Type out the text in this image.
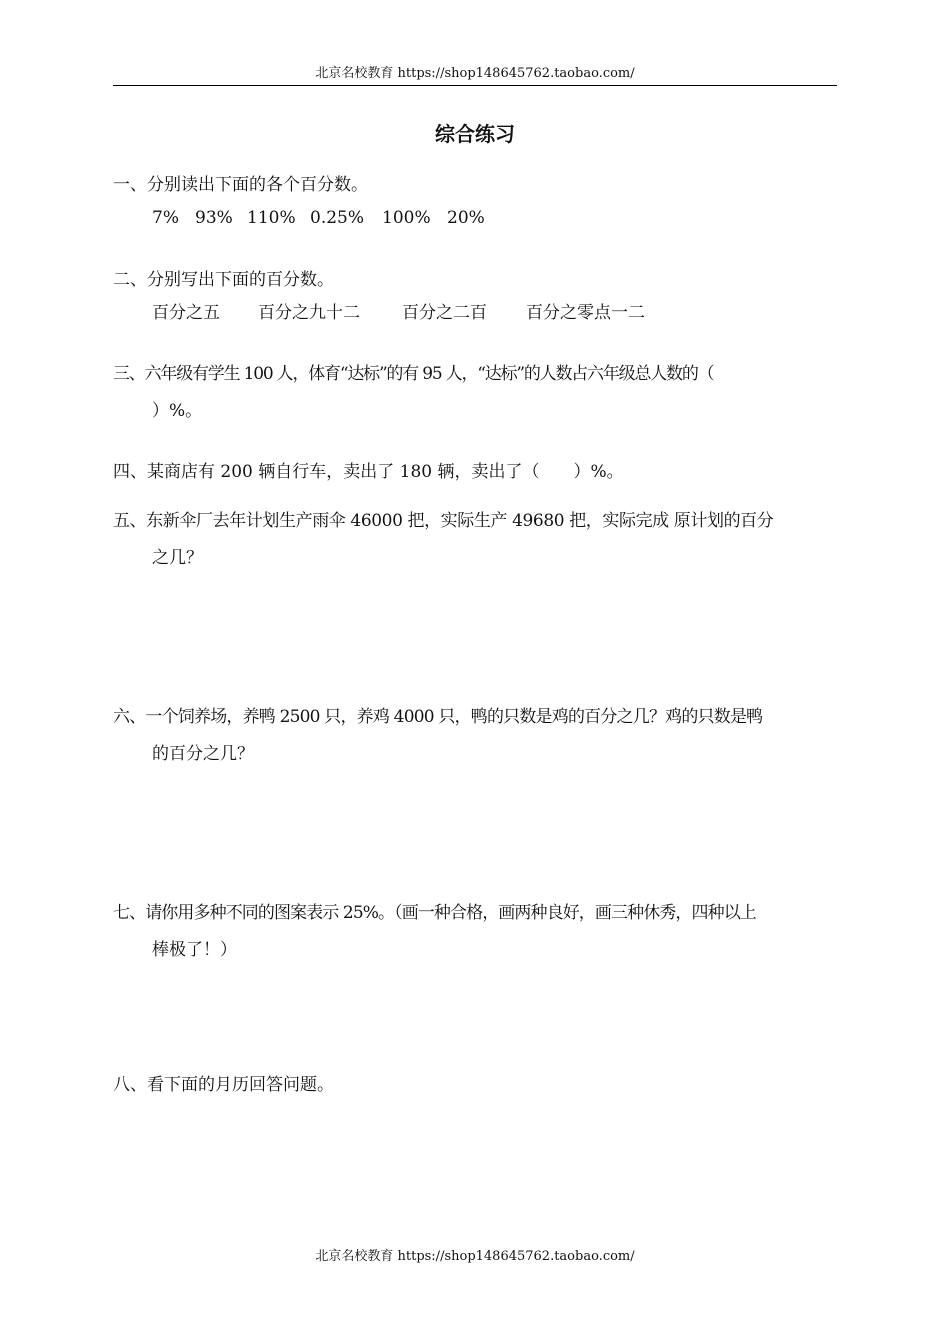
北京名校教育 https://shop148645762.taobao.com/
综合练习
一、分别读出下面的各个百分数。
7% 93% 110% 0.25% 100% 20%
二、分别写出下面的百分数。
百分之五 百分之九十二 百分之二百 百分之零点一二
三、六年级有学生 100 人，体育“达标”的有 95 人，“达标”的人数占六年级总人数的（
）%。
四、某商店有 200 辆自行车，卖出了 180 辆，卖出了（　　）%。
五、东新伞厂去年计划生产雨伞 46000 把，实际生产 49680 把，实际完成 原计划的百分
之几？
六、一个饲养场，养鸭 2500 只，养鸡 4000 只，鸭的只数是鸡的百分之几？鸡的只数是鸭
的百分之几？
七、请你用多种不同的图案表示 25%。（画一种合格，画两种良好，画三种休秀，四种以上
棒极了！）
八、看下面的月历回答问题。
北京名校教育 https://shop148645762.taobao.com/
